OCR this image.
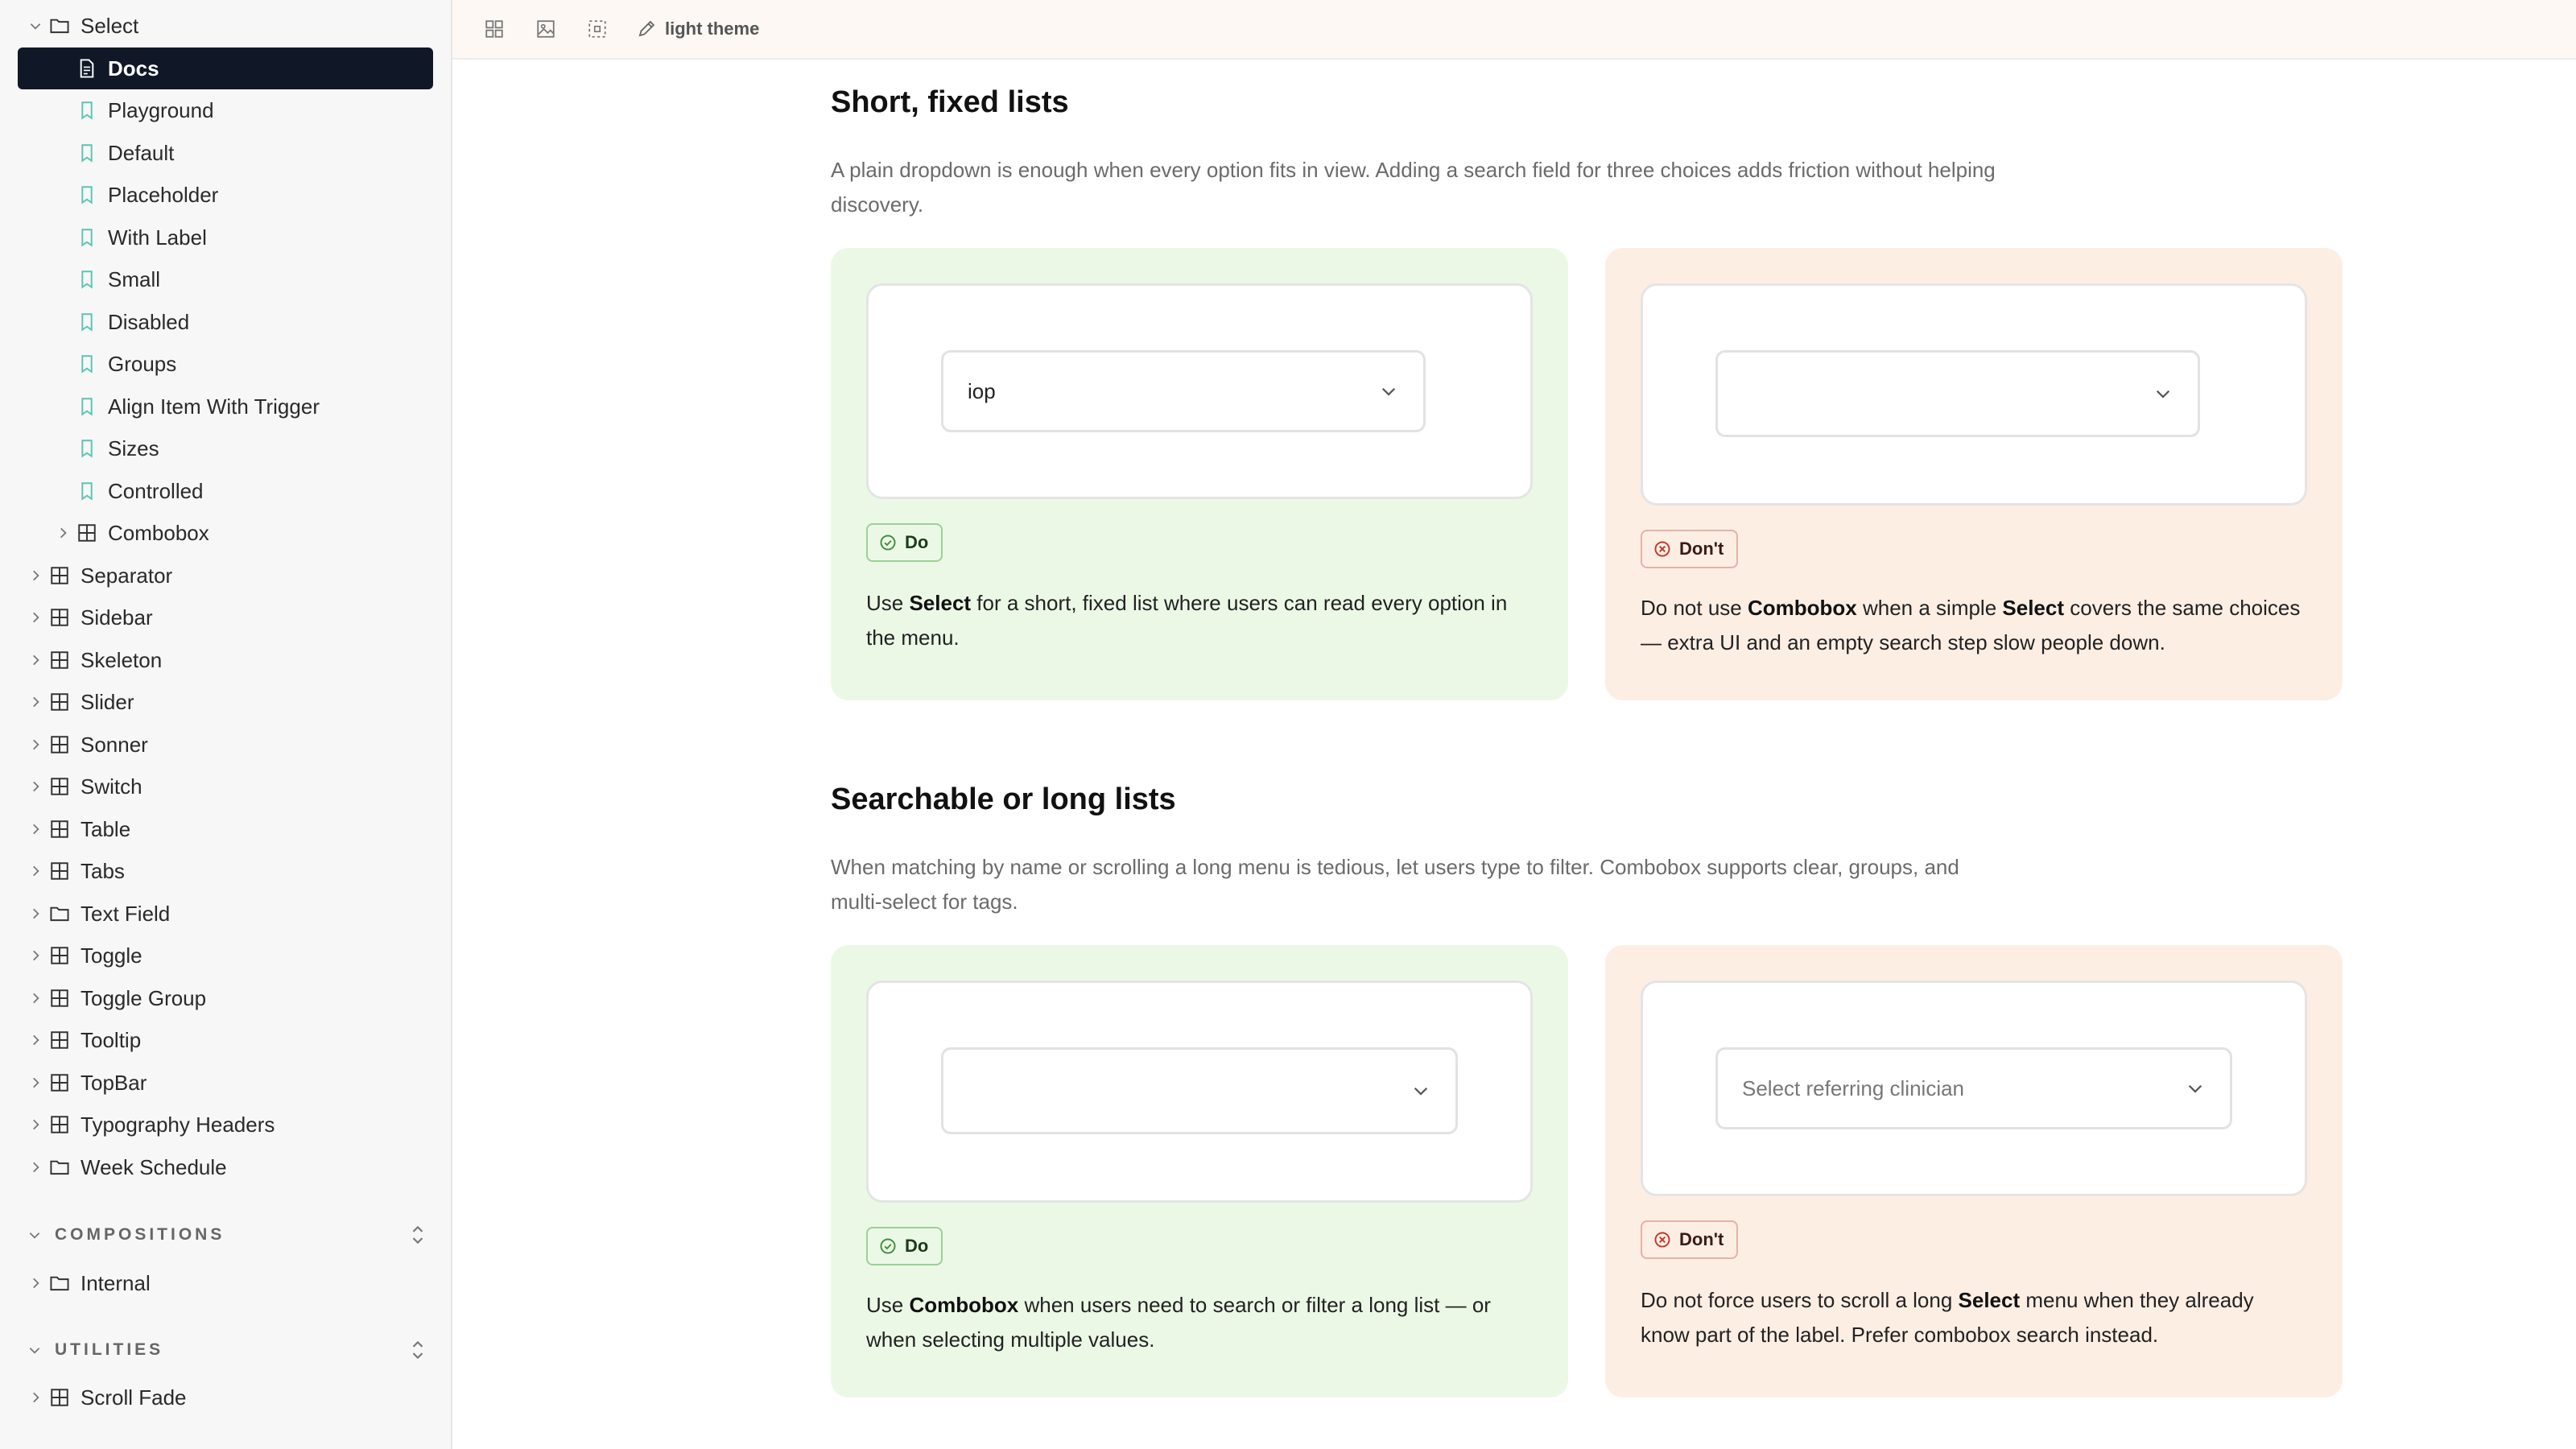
Select
Docs
Playground
Default
Placeholder
With Label
Small
Disabled
Groups
Align Item With Trigger
Sizes
Controlled
Combobox
Separator
Sidebar
Skeleton
Slider
Sonner
Switch
Table
Tabs
Text Field
Toggle
Toggle Group
Tooltip
TopBar
Typography Headers
Week Schedule
COMPOSITIONS
Internal
UTILITIES
Scroll Fade
light theme
Short, fixed lists
A plain dropdown is enough when every option fits in view. Adding a search field for three choices adds friction without helping discovery.
iop
Do
Use Select for a short, fixed list where users can read every option in the menu.
Don't
Do not use Combobox when a simple Select covers the same choices — extra UI and an empty search step slow people down.
Searchable or long lists
When matching by name or scrolling a long menu is tedious, let users type to filter. Combobox supports clear, groups, and multi-select for tags.
Do
Use Combobox when users need to search or filter a long list — or when selecting multiple values.
Select referring clinician
Don't
Do not force users to scroll a long Select menu when they already know part of the label. Prefer combobox search instead.
